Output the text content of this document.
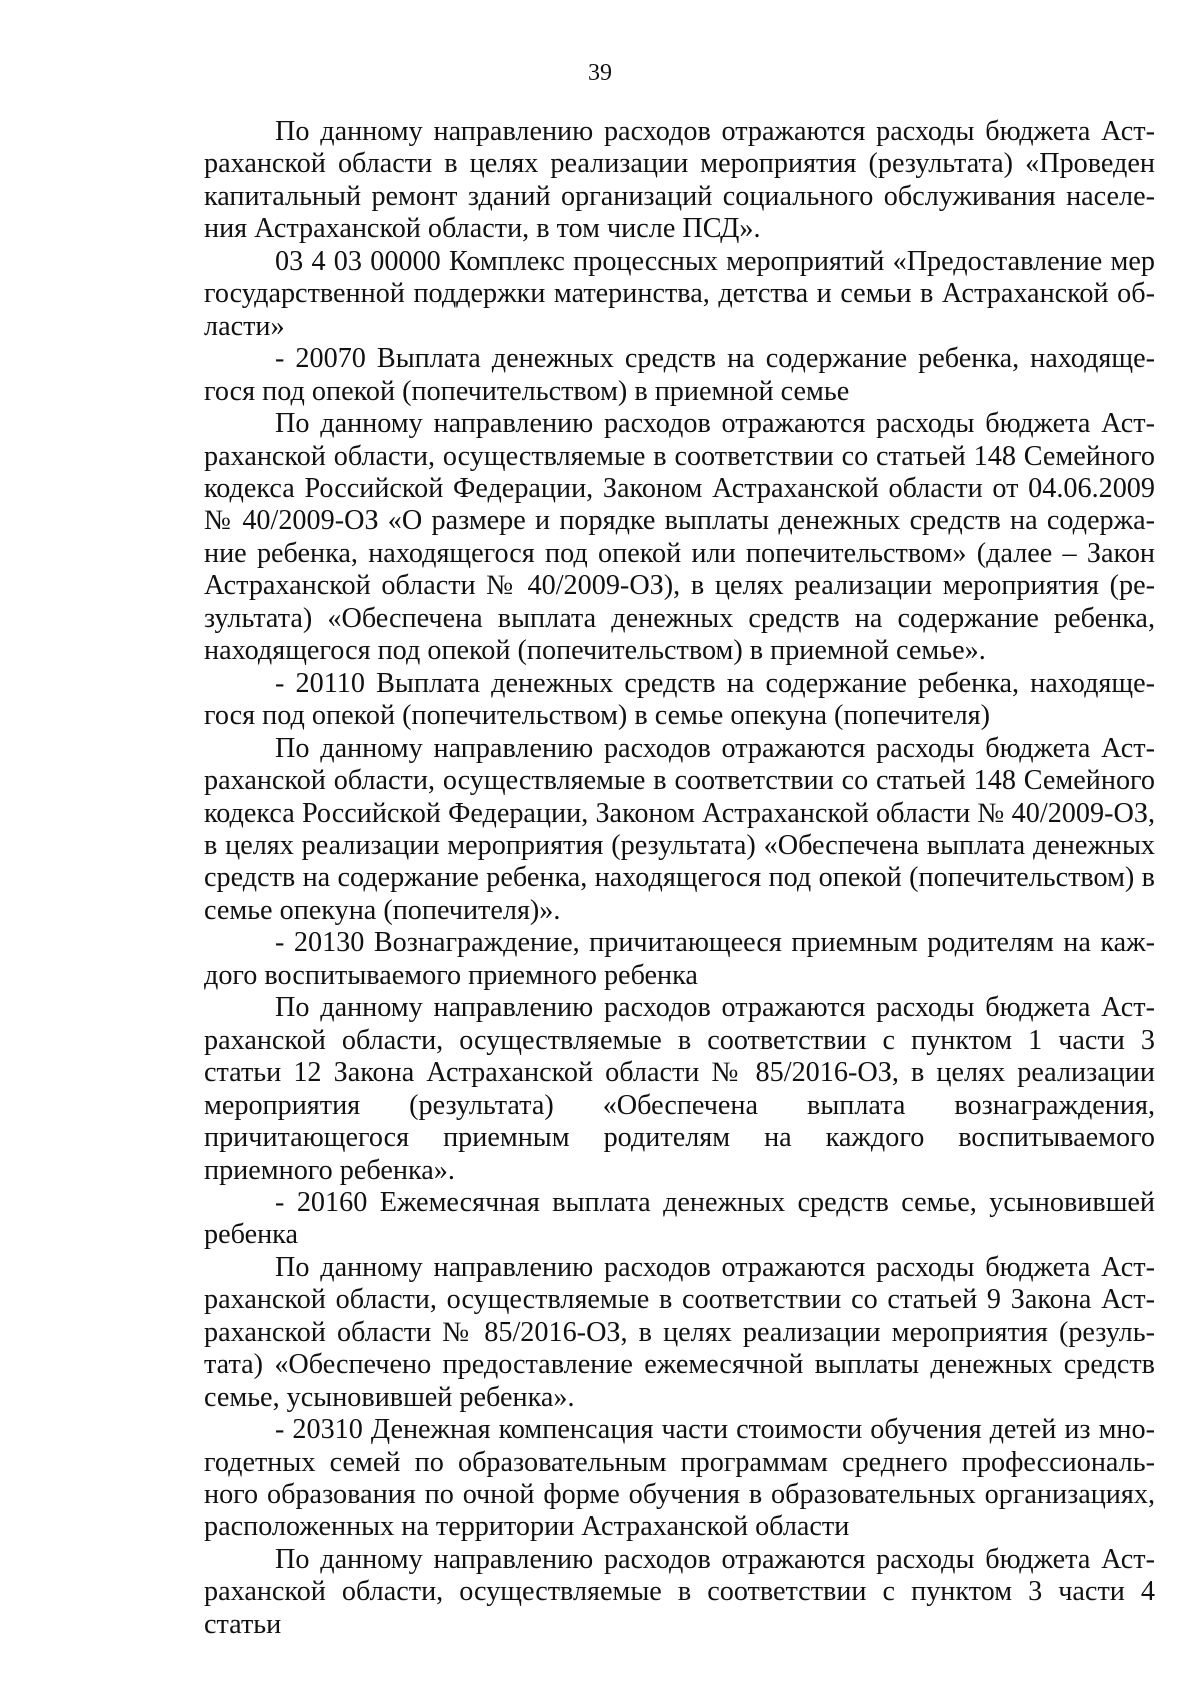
39

По данному направлению расходов отражаются расходы бюджета Астраханской области в целях реализации мероприятия (результата) «Проведен капитальный ремонт зданий организаций социального обслуживания населения Астраханской области, в том числе ПСД».

03 4 03 00000 Комплекс процессных мероприятий «Предоставление мер государственной поддержки материнства, детства и семьи в Астраханской области»

- 20070 Выплата денежных средств на содержание ребенка, находящегося под опекой (попечительством) в приемной семье

По данному направлению расходов отражаются расходы бюджета Астраханской области, осуществляемые в соответствии со статьей 148 Семейного кодекса Российской Федерации, Законом Астраханской области от 04.06.2009 № 40/2009-ОЗ «О размере и порядке выплаты денежных средств на содержание ребенка, находящегося под опекой или попечительством» (далее – Закон Астраханской области № 40/2009-ОЗ), в целях реализации мероприятия (результата) «Обеспечена выплата денежных средств на содержание ребенка, находящегося под опекой (попечительством) в приемной семье».

- 20110 Выплата денежных средств на содержание ребенка, находящегося под опекой (попечительством) в семье опекуна (попечителя)

По данному направлению расходов отражаются расходы бюджета Астраханской области, осуществляемые в соответствии со статьей 148 Семейного кодекса Российской Федерации, Законом Астраханской области № 40/2009-ОЗ, в целях реализации мероприятия (результата) «Обеспечена выплата денежных средств на содержание ребенка, находящегося под опекой (попечительством) в семье опекуна (попечителя)».

- 20130 Вознаграждение, причитающееся приемным родителям на каждого воспитываемого приемного ребенка

По данному направлению расходов отражаются расходы бюджета Астраханской области, осуществляемые в соответствии с пунктом 1 части 3 статьи 12 Закона Астраханской области № 85/2016-ОЗ, в целях реализации мероприятия (результата) «Обеспечена выплата вознаграждения, причитающегося приемным родителям на каждого воспитываемого приемного ребенка».

- 20160 Ежемесячная выплата денежных средств семье, усыновившей ребенка

По данному направлению расходов отражаются расходы бюджета Астраханской области, осуществляемые в соответствии со статьей 9 Закона Астраханской области № 85/2016-ОЗ, в целях реализации мероприятия (результата) «Обеспечено предоставление ежемесячной выплаты денежных средств семье, усыновившей ребенка».

- 20310 Денежная компенсация части стоимости обучения детей из многодетных семей по образовательным программам среднего профессионального образования по очной форме обучения в образовательных организациях, расположенных на территории Астраханской области

По данному направлению расходов отражаются расходы бюджета Астраханской области, осуществляемые в соответствии с пунктом 3 части 4 статьи
